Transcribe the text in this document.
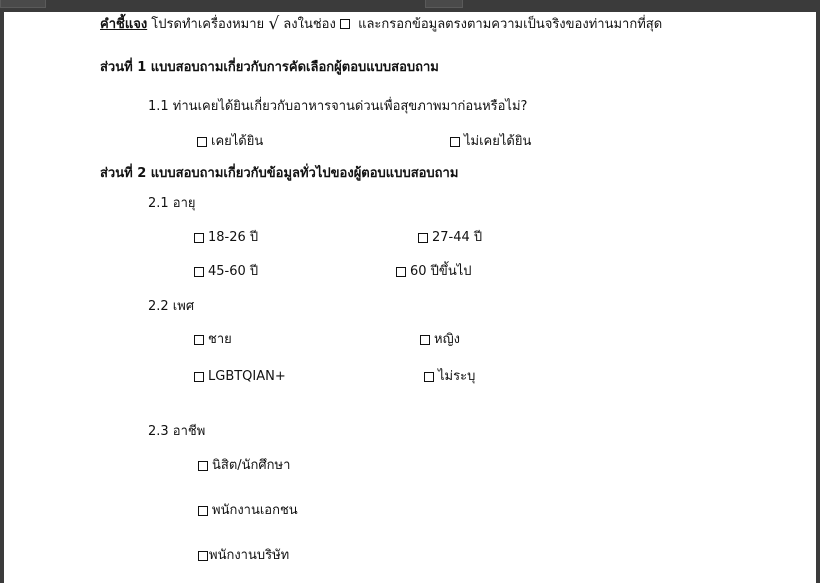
คำชี้แจง โปรดทำเครื่องหมาย √ ลงในช่อง  และกรอกข้อมูลตรงตามความเป็นจริงของท่านมากที่สุด
ส่วนที่ 1 แบบสอบถามเกี่ยวกับการคัดเลือกผู้ตอบแบบสอบถาม
1.1 ท่านเคยได้ยินเกี่ยวกับอาหารจานด่วนเพื่อสุขภาพมาก่อนหรือไม่?
เคยได้ยิน	ไม่เคยได้ยิน
ส่วนที่ 2 แบบสอบถามเกี่ยวกับข้อมูลทั่วไปของผู้ตอบแบบสอบถาม
2.1 อายุ
18-26 ปี	27-44 ปี
45-60 ปี	60 ปีขึ้นไป
2.2 เพศ
ชาย	หญิง
LGBTQIAN+	ไม่ระบุ
2.3 อาชีพ
นิสิต/นักศึกษา
พนักงานเอกชน
พนักงานบริษัท
